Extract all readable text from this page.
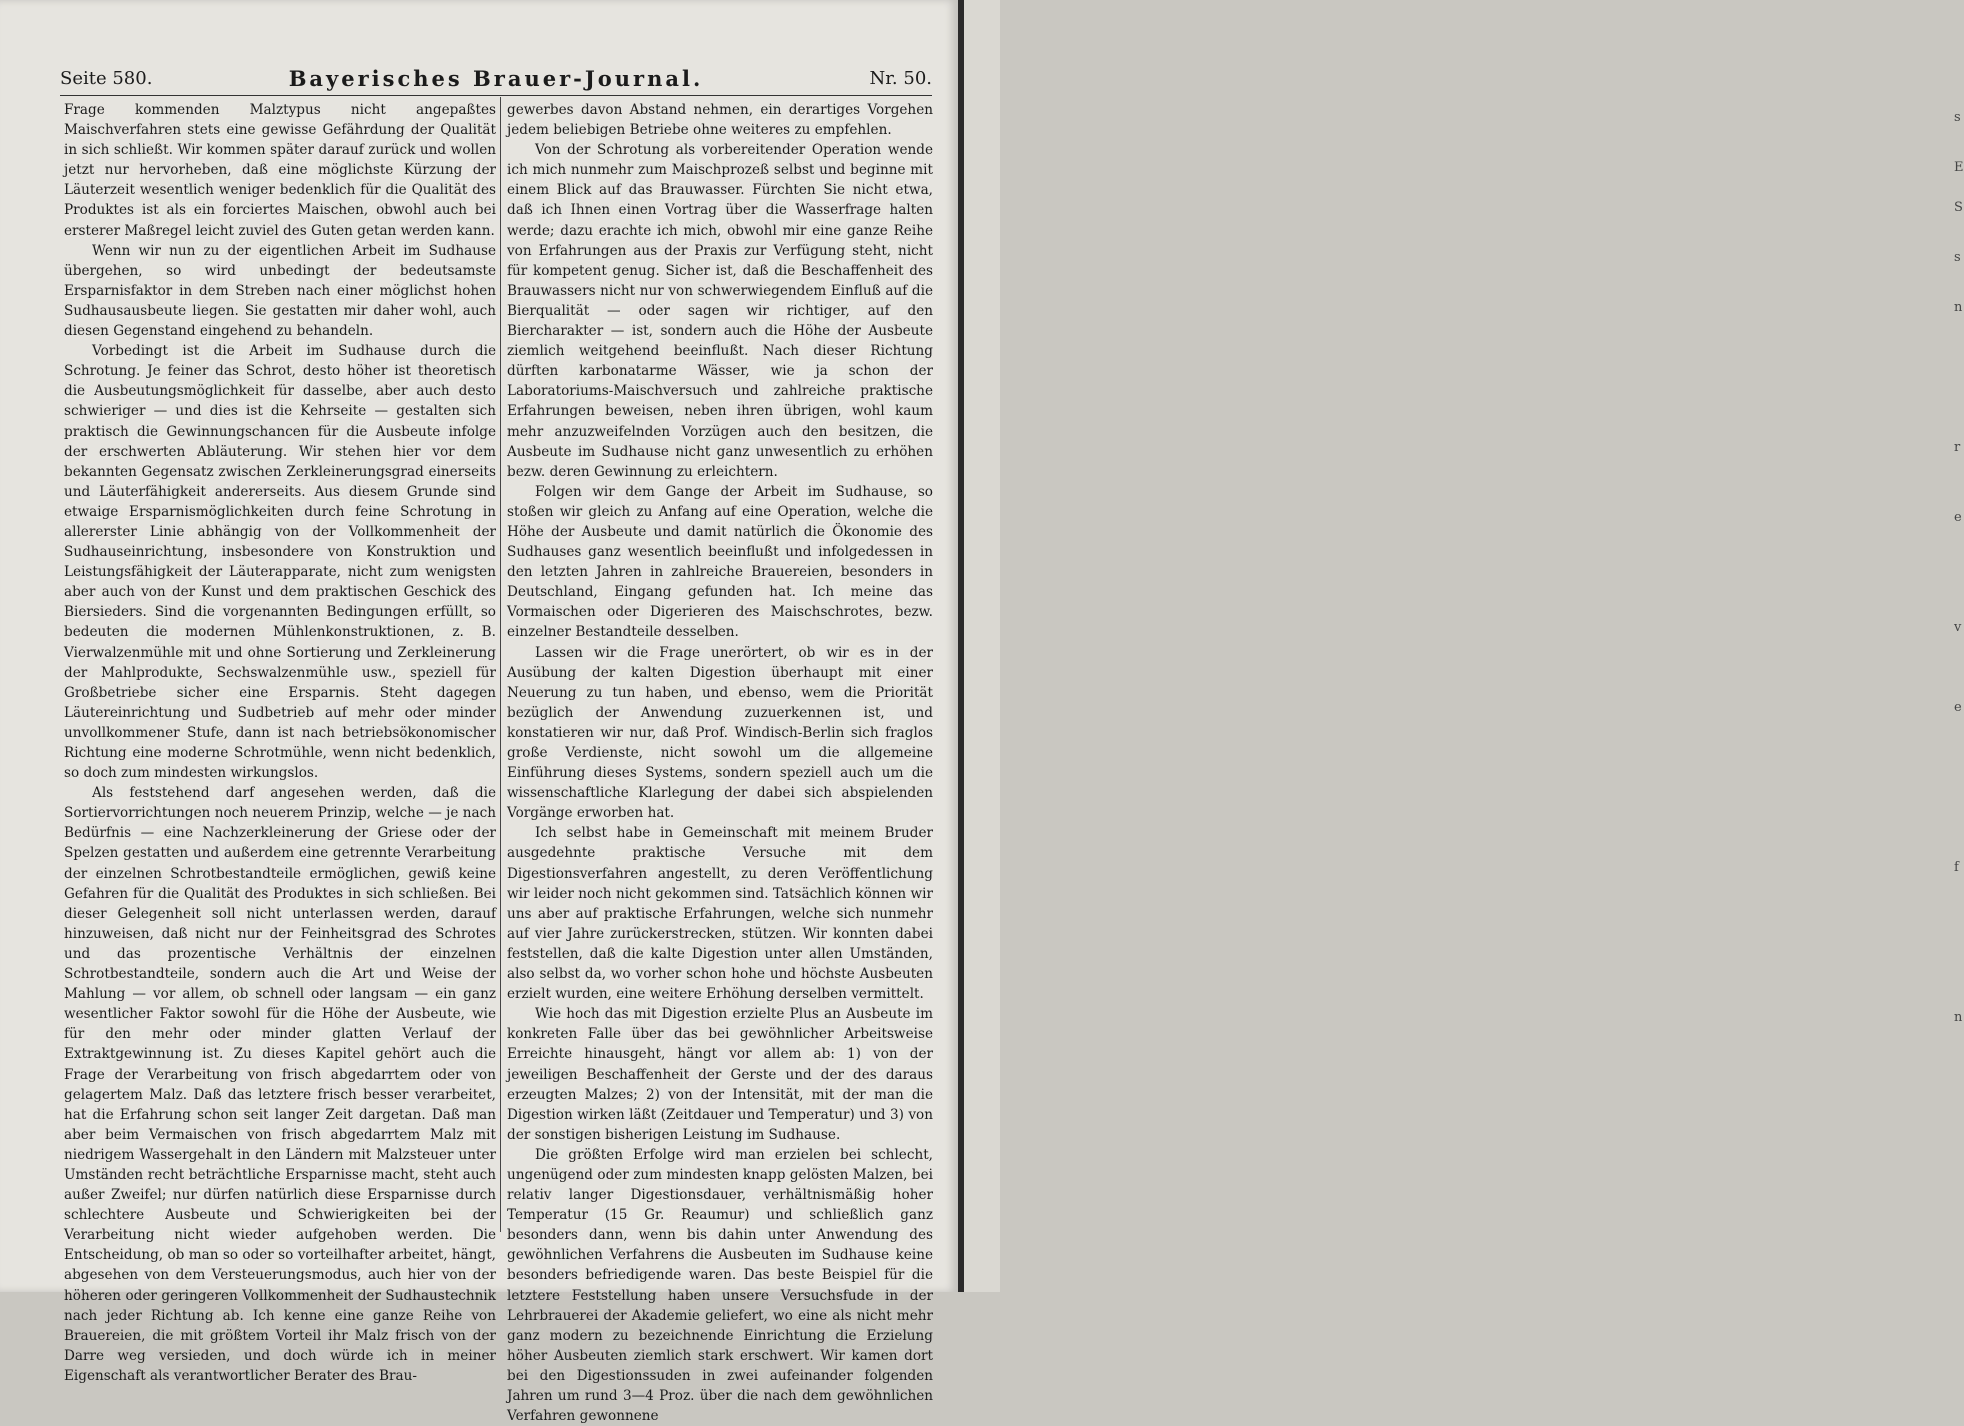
Seite 580.	Bayerisches Brauer-Journal.	Nr. 50.

Frage kommenden Malztypus nicht angepaßtes Maischverfahren stets eine gewisse Gefährdung der Qualität in sich schließt. Wir kommen später darauf zurück und wollen jetzt nur hervorheben, daß eine möglichste Kürzung der Läuterzeit wesentlich weniger bedenklich für die Qualität des Produktes ist als ein forciertes Maischen, obwohl auch bei ersterer Maßregel leicht zuviel des Guten getan werden kann.

Wenn wir nun zu der eigentlichen Arbeit im Sudhause übergehen, so wird unbedingt der bedeutsamste Ersparnisfaktor in dem Streben nach einer möglichst hohen Sudhausausbeute liegen. Sie gestatten mir daher wohl, auch diesen Gegenstand eingehend zu behandeln.

Vorbedingt ist die Arbeit im Sudhause durch die Schrotung. Je feiner das Schrot, desto höher ist theoretisch die Ausbeutungsmöglichkeit für dasselbe, aber auch desto schwieriger — und dies ist die Kehrseite — gestalten sich praktisch die Gewinnungschancen für die Ausbeute infolge der erschwerten Abläuterung. Wir stehen hier vor dem bekannten Gegensatz zwischen Zerkleinerungsgrad einerseits und Läuterfähigkeit andererseits. Aus diesem Grunde sind etwaige Ersparnismöglichkeiten durch feine Schrotung in allererster Linie abhängig von der Vollkommenheit der Sudhauseinrichtung, insbesondere von Konstruktion und Leistungsfähigkeit der Läuterapparate, nicht zum wenigsten aber auch von der Kunst und dem praktischen Geschick des Biersieders. Sind die vorgenannten Bedingungen erfüllt, so bedeuten die modernen Mühlenkonstruktionen, z. B. Vierwalzenmühle mit und ohne Sortierung und Zerkleinerung der Mahlprodukte, Sechswalzenmühle usw., speziell für Großbetriebe sicher eine Ersparnis. Steht dagegen Läutereinrichtung und Sudbetrieb auf mehr oder minder unvollkommener Stufe, dann ist nach betriebsökonomischer Richtung eine moderne Schrotmühle, wenn nicht bedenklich, so doch zum mindesten wirkungslos.

Als feststehend darf angesehen werden, daß die Sortiervorrichtungen noch neuerem Prinzip, welche — je nach Bedürfnis — eine Nachzerkleinerung der Griese oder der Spelzen gestatten und außerdem eine getrennte Verarbeitung der einzelnen Schrotbestandteile ermöglichen, gewiß keine Gefahren für die Qualität des Produktes in sich schließen. Bei dieser Gelegenheit soll nicht unterlassen werden, darauf hinzuweisen, daß nicht nur der Feinheitsgrad des Schrotes und das prozentische Verhältnis der einzelnen Schrotbestandteile, sondern auch die Art und Weise der Mahlung — vor allem, ob schnell oder langsam — ein ganz wesentlicher Faktor sowohl für die Höhe der Ausbeute, wie für den mehr oder minder glatten Verlauf der Extraktgewinnung ist. Zu dieses Kapitel gehört auch die Frage der Verarbeitung von frisch abgedarrtem oder von gelagertem Malz. Daß das letztere frisch besser verarbeitet, hat die Erfahrung schon seit langer Zeit dargetan. Daß man aber beim Vermaischen von frisch abgedarrtem Malz mit niedrigem Wassergehalt in den Ländern mit Malzsteuer unter Umständen recht beträchtliche Ersparnisse macht, steht auch außer Zweifel; nur dürfen natürlich diese Ersparnisse durch schlechtere Ausbeute und Schwierigkeiten bei der Verarbeitung nicht wieder aufgehoben werden. Die Entscheidung, ob man so oder so vorteilhafter arbeitet, hängt, abgesehen von dem Versteuerungsmodus, auch hier von der höheren oder geringeren Vollkommenheit der Sudhaustechnik nach jeder Richtung ab. Ich kenne eine ganze Reihe von Brauereien, die mit größtem Vorteil ihr Malz frisch von der Darre weg versieden, und doch würde ich in meiner Eigenschaft als verantwortlicher Berater des Brau-

gewerbes davon Abstand nehmen, ein derartiges Vorgehen jedem beliebigen Betriebe ohne weiteres zu empfehlen.

Von der Schrotung als vorbereitender Operation wende ich mich nunmehr zum Maischprozeß selbst und beginne mit einem Blick auf das Brauwasser. Fürchten Sie nicht etwa, daß ich Ihnen einen Vortrag über die Wasserfrage halten werde; dazu erachte ich mich, obwohl mir eine ganze Reihe von Erfahrungen aus der Praxis zur Verfügung steht, nicht für kompetent genug. Sicher ist, daß die Beschaffenheit des Brauwassers nicht nur von schwerwiegendem Einfluß auf die Bierqualität — oder sagen wir richtiger, auf den Biercharakter — ist, sondern auch die Höhe der Ausbeute ziemlich weitgehend beeinflußt. Nach dieser Richtung dürften karbonatarme Wässer, wie ja schon der Laboratoriums-Maischversuch und zahlreiche praktische Erfahrungen beweisen, neben ihren übrigen, wohl kaum mehr anzuzweifelnden Vorzügen auch den besitzen, die Ausbeute im Sudhause nicht ganz unwesentlich zu erhöhen bezw. deren Gewinnung zu erleichtern.

Folgen wir dem Gange der Arbeit im Sudhause, so stoßen wir gleich zu Anfang auf eine Operation, welche die Höhe der Ausbeute und damit natürlich die Ökonomie des Sudhauses ganz wesentlich beeinflußt und infolgedessen in den letzten Jahren in zahlreiche Brauereien, besonders in Deutschland, Eingang gefunden hat. Ich meine das Vormaischen oder Digerieren des Maischschrotes, bezw. einzelner Bestandteile desselben.

Lassen wir die Frage unerörtert, ob wir es in der Ausübung der kalten Digestion überhaupt mit einer Neuerung zu tun haben, und ebenso, wem die Priorität bezüglich der Anwendung zuzuerkennen ist, und konstatieren wir nur, daß Prof. Windisch-Berlin sich fraglos große Verdienste, nicht sowohl um die allgemeine Einführung dieses Systems, sondern speziell auch um die wissenschaftliche Klarlegung der dabei sich abspielenden Vorgänge erworben hat.

Ich selbst habe in Gemeinschaft mit meinem Bruder ausgedehnte praktische Versuche mit dem Digestionsverfahren angestellt, zu deren Veröffentlichung wir leider noch nicht gekommen sind. Tatsächlich können wir uns aber auf praktische Erfahrungen, welche sich nunmehr auf vier Jahre zurückerstrecken, stützen. Wir konnten dabei feststellen, daß die kalte Digestion unter allen Umständen, also selbst da, wo vorher schon hohe und höchste Ausbeuten erzielt wurden, eine weitere Erhöhung derselben vermittelt.

Wie hoch das mit Digestion erzielte Plus an Ausbeute im konkreten Falle über das bei gewöhnlicher Arbeitsweise Erreichte hinausgeht, hängt vor allem ab: 1) von der jeweiligen Beschaffenheit der Gerste und der des daraus erzeugten Malzes; 2) von der Intensität, mit der man die Digestion wirken läßt (Zeitdauer und Temperatur) und 3) von der sonstigen bisherigen Leistung im Sudhause.

Die größten Erfolge wird man erzielen bei schlecht, ungenügend oder zum mindesten knapp gelösten Malzen, bei relativ langer Digestionsdauer, verhältnismäßig hoher Temperatur (15 Gr. Reaumur) und schließlich ganz besonders dann, wenn bis dahin unter Anwendung des gewöhnlichen Verfahrens die Ausbeuten im Sudhause keine besonders befriedigende waren. Das beste Beispiel für die letztere Feststellung haben unsere Versuchsfude in der Lehrbrauerei der Akademie geliefert, wo eine als nicht mehr ganz modern zu bezeichnende Einrichtung die Erzielung höher Ausbeuten ziemlich stark erschwert. Wir kamen dort bei den Digestionssuden in zwei aufeinander folgenden Jahren um rund 3—4 Proz. über die nach dem gewöhnlichen Verfahren gewonnene

s
E
S
s
n
r
e
v
e
f
n
